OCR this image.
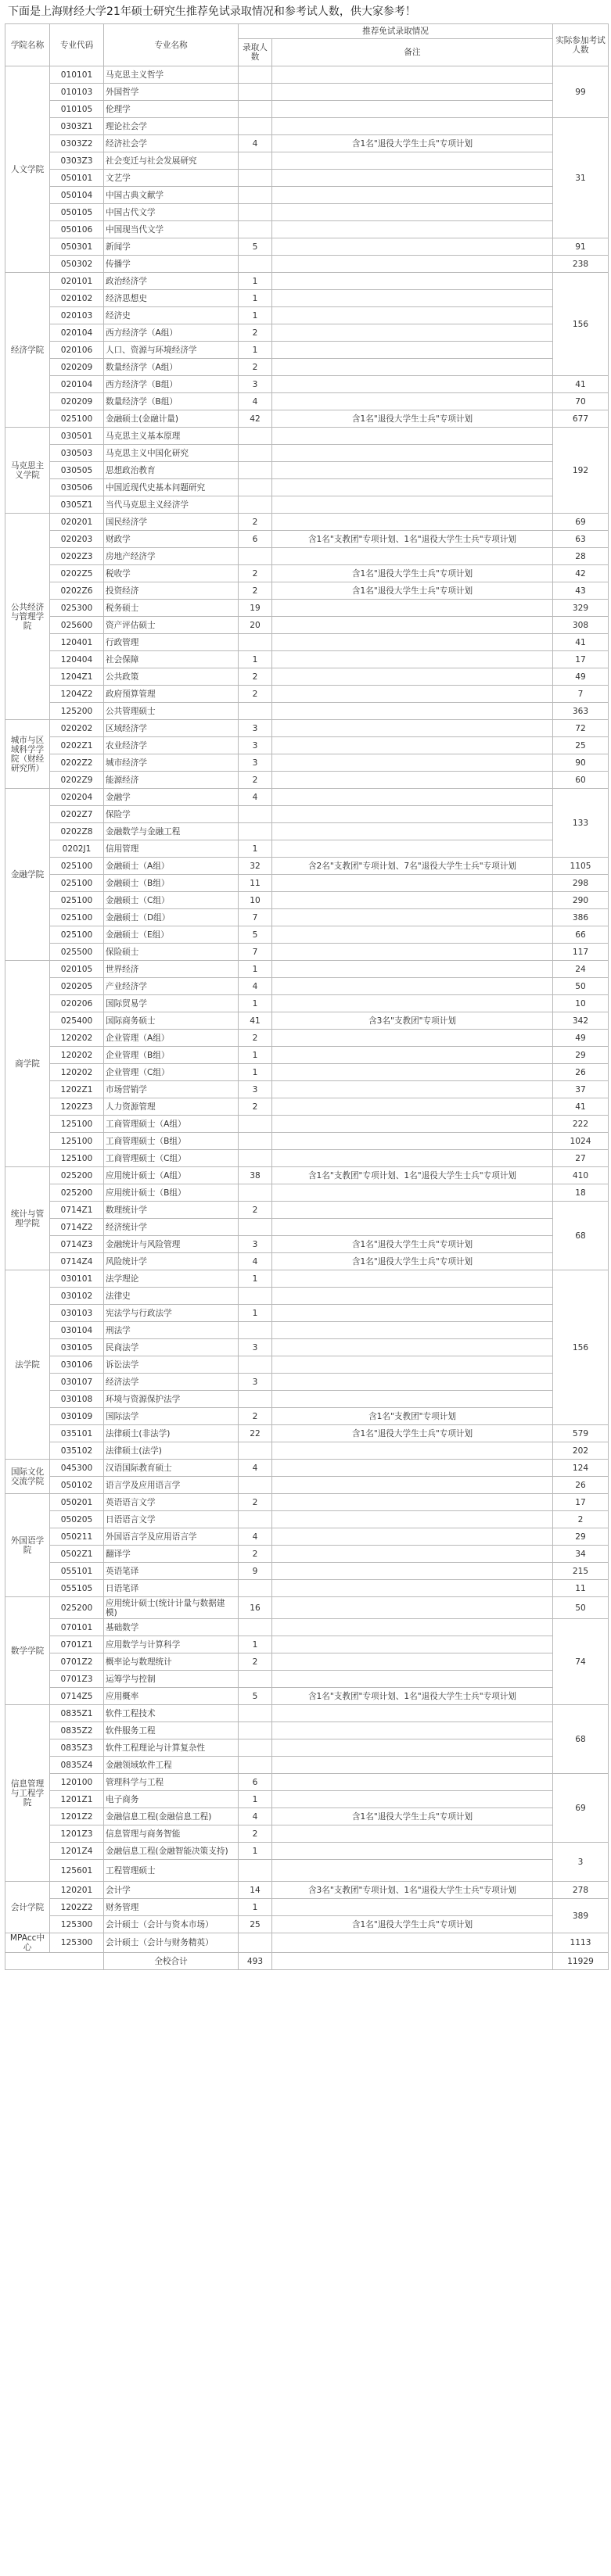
下面是上海财经大学21年硕士研究生推荐免试录取情况和参考试人数，供大家参考！
学院名称	专业代码	专业名称	推荐免试录取情况		实际参加考试人数
			录取人数	备注	
人文学院	010101	马克思主义哲学			99
	010103	外国哲学			
	010105	伦理学			
	0303Z1	理论社会学			31
	0303Z2	经济社会学	4	含1名"退役大学生士兵"专项计划	
	0303Z3	社会变迁与社会发展研究			
	050101	文艺学			
	050104	中国古典文献学			
	050105	中国古代文学			
	050106	中国现当代文学			
	050301	新闻学	5		91
	050302	传播学			238
经济学院	020101	政治经济学	1		156
	020102	经济思想史	1		
	020103	经济史	1		
	020104	西方经济学（A组）	2		
	020106	人口、资源与环境经济学	1		
	020209	数量经济学（A组）	2		
	020104	西方经济学（B组）	3		41
	020209	数量经济学（B组）	4		70
	025100	金融硕士(金融计量)	42	含1名"退役大学生士兵"专项计划	677
马克思主义学院	030501	马克思主义基本原理			192
	030503	马克思主义中国化研究			
	030505	思想政治教育			
	030506	中国近现代史基本问题研究			
	0305Z1	当代马克思主义经济学			
公共经济与管理学院	020201	国民经济学	2		69
	020203	财政学	6	含1名"支教团"专项计划、1名"退役大学生士兵"专项计划	63
	0202Z3	房地产经济学			28
	0202Z5	税收学	2	含1名"退役大学生士兵"专项计划	42
	0202Z6	投资经济	2	含1名"退役大学生士兵"专项计划	43
	025300	税务硕士	19		329
	025600	资产评估硕士	20		308
	120401	行政管理			41
	120404	社会保障	1		17
	1204Z1	公共政策	2		49
	1204Z2	政府预算管理	2		7
	125200	公共管理硕士			363
城市与区域科学学院（财经研究所）	020202	区域经济学	3		72
	0202Z1	农业经济学	3		25
	0202Z2	城市经济学	3		90
	0202Z9	能源经济	2		60
金融学院	020204	金融学	4		133
	0202Z7	保险学			
	0202Z8	金融数学与金融工程			
	0202J1	信用管理	1		
	025100	金融硕士（A组）	32	含2名"支教团"专项计划、7名"退役大学生士兵"专项计划	1105
	025100	金融硕士（B组）	11		298
	025100	金融硕士（C组）	10		290
	025100	金融硕士（D组）	7		386
	025100	金融硕士（E组）	5		66
	025500	保险硕士	7		117
商学院	020105	世界经济	1		24
	020205	产业经济学	4		50
	020206	国际贸易学	1		10
	025400	国际商务硕士	41	含3名"支教团"专项计划	342
	120202	企业管理（A组）	2		49
	120202	企业管理（B组）	1		29
	120202	企业管理（C组）	1		26
	1202Z1	市场营销学	3		37
	1202Z3	人力资源管理	2		41
	125100	工商管理硕士（A组）			222
	125100	工商管理硕士（B组）			1024
	125100	工商管理硕士（C组）			27
统计与管理学院	025200	应用统计硕士（A组）	38	含1名"支教团"专项计划、1名"退役大学生士兵"专项计划	410
	025200	应用统计硕士（B组）			18
	0714Z1	数理统计学	2		68
	0714Z2	经济统计学			
	0714Z3	金融统计与风险管理	3	含1名"退役大学生士兵"专项计划	
	0714Z4	风险统计学	4	含1名"退役大学生士兵"专项计划	
法学院	030101	法学理论	1		156
	030102	法律史			
	030103	宪法学与行政法学	1		
	030104	刑法学			
	030105	民商法学	3		
	030106	诉讼法学			
	030107	经济法学	3		
	030108	环境与资源保护法学			
	030109	国际法学	2	含1名"支教团"专项计划	
	035101	法律硕士(非法学)	22	含1名"退役大学生士兵"专项计划	579
	035102	法律硕士(法学)			202
国际文化交流学院	045300	汉语国际教育硕士	4		124
	050102	语言学及应用语言学			26
外国语学院	050201	英语语言文学	2		17
	050205	日语语言文学			2
	050211	外国语言学及应用语言学	4		29
	0502Z1	翻译学	2		34
	055101	英语笔译	9		215
	055105	日语笔译			11
数学学院	025200	应用统计硕士(统计计量与数据建模)	16		50
	070101	基础数学			74
	0701Z1	应用数学与计算科学	1		
	0701Z2	概率论与数理统计	2		
	0701Z3	运筹学与控制			
	0714Z5	应用概率	5	含1名"支教团"专项计划、1名"退役大学生士兵"专项计划	
信息管理与工程学院	0835Z1	软件工程技术			68
	0835Z2	软件服务工程			
	0835Z3	软件工程理论与计算复杂性			
	0835Z4	金融领域软件工程			
	120100	管理科学与工程	6		69
	1201Z1	电子商务	1		
	1201Z2	金融信息工程(金融信息工程)	4	含1名"退役大学生士兵"专项计划	
	1201Z3	信息管理与商务智能	2		
	1201Z4	金融信息工程(金融智能决策支持)	1		3
	125601	工程管理硕士			
会计学院	120201	会计学	14	含3名"支教团"专项计划、1名"退役大学生士兵"专项计划	278
	1202Z2	财务管理	1		389
	125300	会计硕士（会计与资本市场）	25	含1名"退役大学生士兵"专项计划	
MPAcc中心	125300	会计硕士（会计与财务精英）			1113
		全校合计	493		11929
